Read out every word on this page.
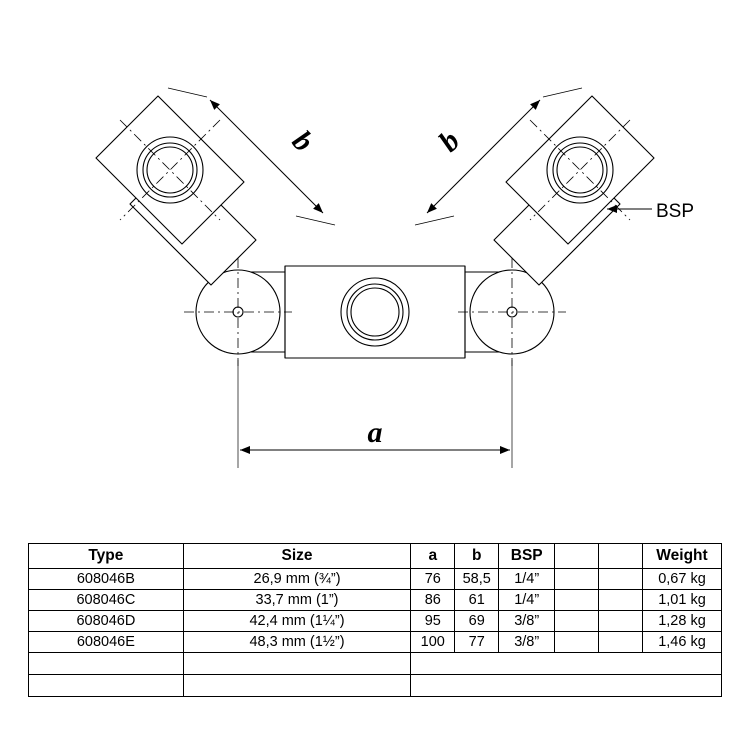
b	b
a
BSP
Type	Size	a	b	BSP			Weight
608046B	26,9 mm (¾”)	76	58,5	1/4”			0,67 kg
608046C	33,7 mm (1”)	86	61	1/4”			1,01 kg
608046D	42,4 mm (1¼”)	95	69	3/8”			1,28 kg
608046E	48,3 mm (1½”)	100	77	3/8”			1,46 kg
